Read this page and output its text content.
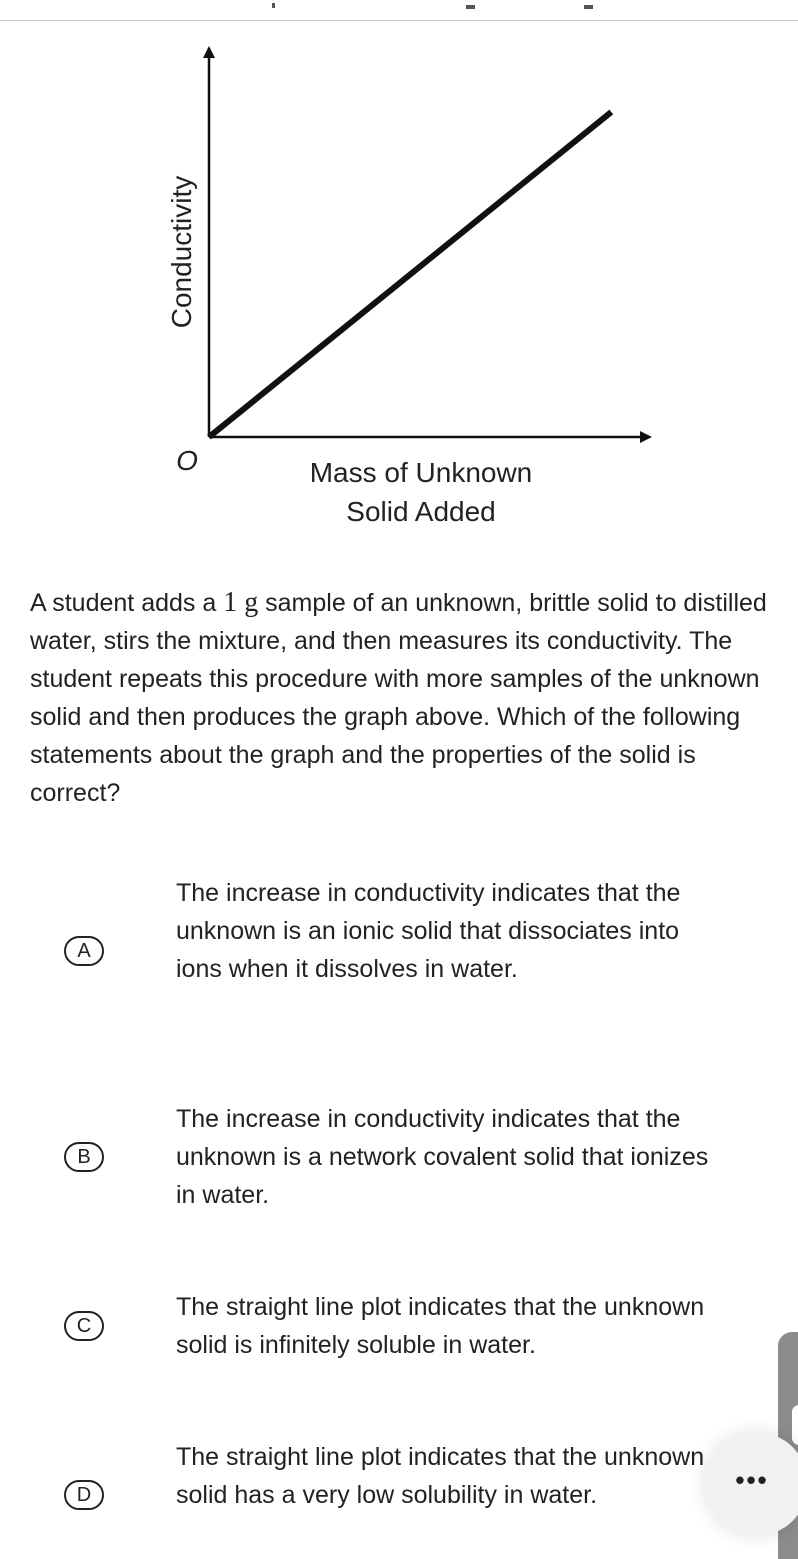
Conductivity
O	Mass of Unknown
Solid Added
A student adds a 1 g sample of an unknown, brittle solid to distilled water, stirs the mixture, and then measures its conductivity. The student repeats this procedure with more samples of the unknown solid and then produces the graph above. Which of the following statements about the graph and the properties of the solid is correct?
A
The increase in conductivity indicates that the unknown is an ionic solid that dissociates into ions when it dissolves in water.
B
The increase in conductivity indicates that the unknown is a network covalent solid that ionizes in water.
C
The straight line plot indicates that the unknown solid is infinitely soluble in water.
D
The straight line plot indicates that the unknown solid has a very low solubility in water.	•••
